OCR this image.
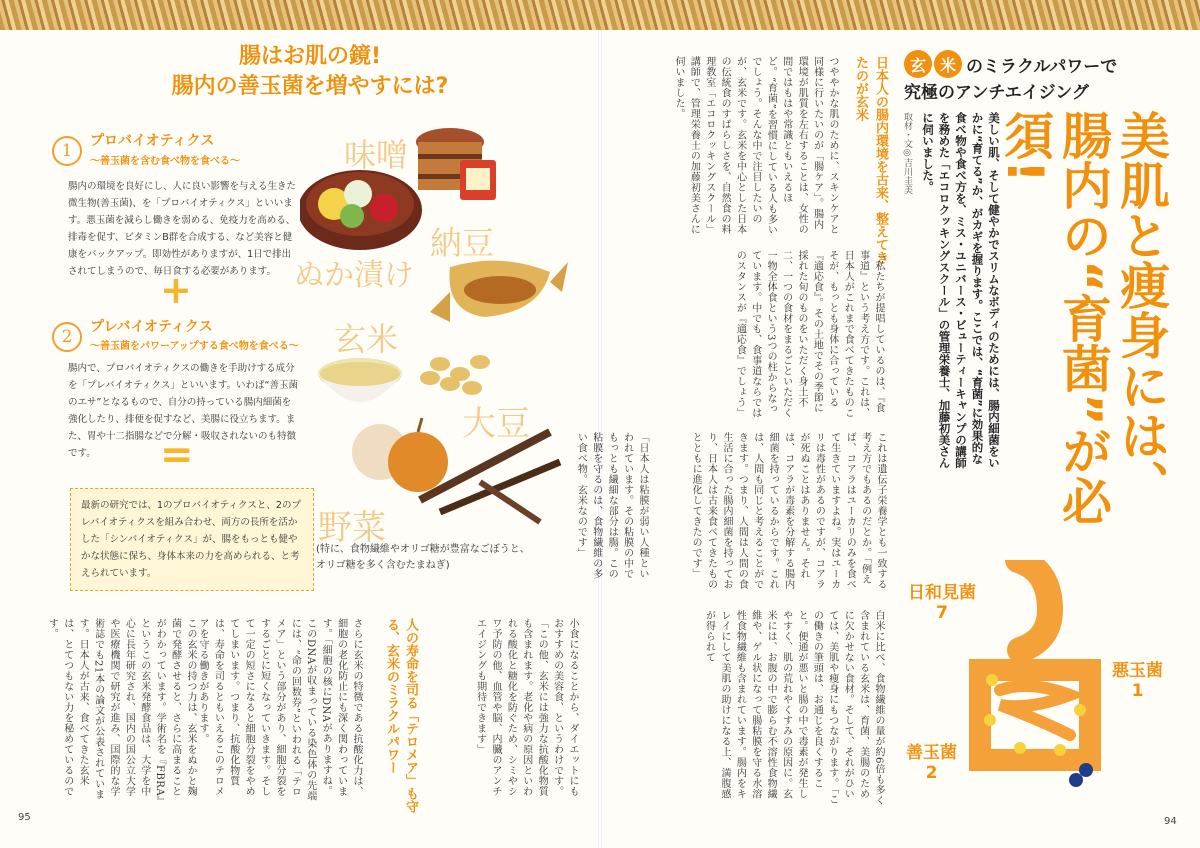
腸はお肌の鏡!
腸内の善玉菌を増やすには?
1	プロバイオティクス
〜善玉菌を含む食べ物を食べる〜
腸内の環境を良好にし、人に良い影響を与える生きた微生物(善玉菌)、を「プロバイオティクス」といいます。悪玉菌を減らし働きを弱める、免疫力を高める、排毒を促す、ビタミンB群を合成する、など美容と健康をバックアップ。即効性がありますが、1日で排出されてしまうので、毎日食する必要があります。
+
2	プレバイオティクス
〜善玉菌をパワーアップする食べ物を食べる〜
腸内で、プロバイオティクスの働きを手助けする成分を「プレバイオティクス」といいます。いわば“善玉菌のエサ”となるもので、自分の持っている腸内細菌を強化したり、排便を促すなど、美腸に役立ちます。また、胃や十二指腸などで分解・吸収されないのも特徴です。	=
最新の研究では、1のプロバイオティクスと、2のプレバイオティクスを組み合わせ、両方の長所を活かした「シンバイオティクス」が、腸をもっとも健やかな状態に保ち、身体本来の力を高められる、と考えられています。
味噌
納豆
ぬか漬け
玄米
大豆
野菜
(特に、食物繊維やオリゴ糖が豊富なごぼうと、
オリゴ糖を多く含むたまねぎ)
小食になることから、ダイエットにもおすすめの美容食、というわけです。「この他、玄米には強力な抗酸化物質も含まれます。老化や病の原因といわれる酸化と糖化を防ぐため、シミやシワ予防の他、血管や脳、内臓のアンチエイジングも期待できます」
人の寿命を司る「テロメア」も守る、玄米のミラクルパワー
さらに玄米の特徴である抗酸化力は、細胞の老化防止にも深く関わっています。「細胞の核にDNAがありますね。このDNAが収まっている染色体の先端には、“命の回数券”といわれる「テロメア」という部分があり、細胞分裂をするごとに短くなっていきます。そして一定の短さになると細胞分裂をやめてしまいます。つまり、抗酸化物質は、寿命を司るともいえるこのテロメアを守る働きがあります。
この玄米の持つ力は、玄米をぬかと麹菌で発酵させると、さらに高まることがわかっています。学術名を『FBRA』というこの玄米発酵食品は、大学を中心に長年研究され、国内の国公立大学や医療機関で研究が進み、国際的な学術誌でも21本の論文が公表されています。日本人が古来、食べてきた玄米は、とてつもない力を秘めているのです。
95
玄 米 のミラクルパワーで
究極のアンチエイジング
美肌と痩身には、腸内の“育菌”が必須!
美しい肌、そして健やかでスリムなボディのためには、腸内細菌をいかに“育てる”か、がカギを握ります。ここでは、“育菌”に効果的な食べ物や食べ方を、ミス・ユニバース・ビューティーキャンプの講師を務めた「エコロクッキングスクール」の管理栄養士、加藤初美さんに伺いました。
取材・文◎吉川圭美
日本人の腸内環境を古来、整えてきたのが玄米
つややかな肌のために、スキンケアと同様に行いたいのが「腸ケア」。腸内環境が肌質を左右することは、女性の間ではもはや常識ともいえるほど。“育菌”を習慣にしている人も多いでしょう。そんな中で注目したいのが、玄米です。玄米を中心とした日本の伝統食のすばらしさを、自然食の料理教室「エコロクッキングスクール」講師で、管理栄養士の加藤初美さんに伺いました。
「私たちが提唱しているのは、『食事道』という考え方です。これは、日本人がこれまで食べてきたものこそが、もっとも身体に合っている『適応食』。その土地でその季節に採れた旬のものをいただく身土不二、一つの食材をまるごといただく一物全体食という3つの柱からなっています。中でも、食事道ならではのスタンスが『適応食』でしょう」
これは遺伝子栄養学とも一致する考え方でもあるのだとか。「例えば、コアラはユーカリのみを食べて生きていますよね。実はユーカリは毒性があるのですが、コアラが死ぬことはありません。それは、コアラが毒素を分解する腸内細菌を持っているからです。これは、人間も同じと考えることができます。つまり、人間は人間の食生活に合った腸内細菌を持っており、日本人は古来食べてきたものとともに進化してきたのです」
「日本人は粘膜が弱い人種といわれています。その粘膜の中でもっとも繊細な部分は腸。この粘膜を守るのは、食物繊維の多い食べ物。玄米なのです」
白米に比べ、食物繊維の量が約6倍も多く含まれている玄米は、育菌、美腸のために欠かせない食材。そして、それがひいては、美肌や痩身にもつながります。「この働きの筆頭は、お通じを良くすること。便通が悪いと腸の中で毒素が発生しやすく、肌の荒れやくすみの原因に。玄米には、お腹の中で膨らむ不溶性食物繊維や、ゲル状になって腸粘膜を守る水溶性食物繊維も含まれています。腸内をキレイにして美肌の助けになる上、満腹感が得られて
日和見菌
7
悪玉菌
1
善玉菌
2
94
